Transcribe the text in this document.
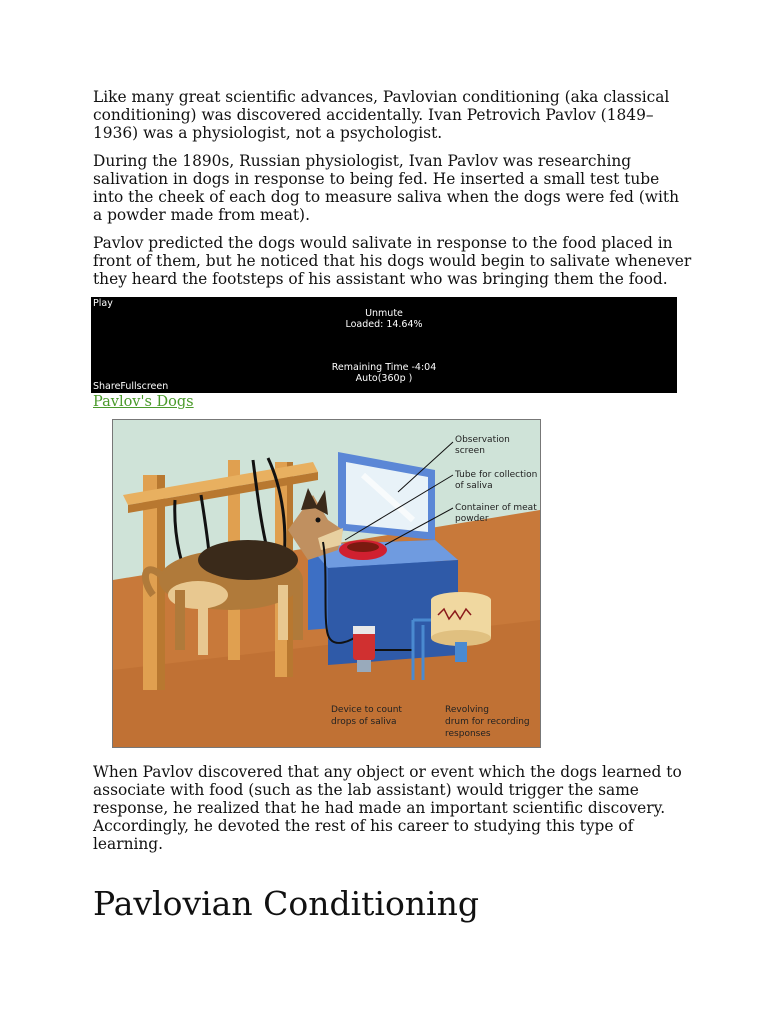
Like many great scientific advances, Pavlovian conditioning (aka classical conditioning) was discovered accidentally. Ivan Petrovich Pavlov (1849–1936) was a physiologist, not a psychologist.

During the 1890s, Russian physiologist, Ivan Pavlov was researching salivation in dogs in response to being fed. He inserted a small test tube into the cheek of each dog to measure saliva when the dogs were fed (with a powder made from meat).

Pavlov predicted the dogs would salivate in response to the food placed in front of them, but he noticed that his dogs would begin to salivate whenever they heard the footsteps of his assistant who was bringing them the food.

Play
Unmute
Loaded: 14.64%
Remaining Time -4:04
Auto(360p )
ShareFullscreen
Pavlov's Dogs
Observation
screen
Tube for collection
of saliva
Container of meat
powder
Device to count
drops of saliva
Revolving
drum for recording
responses

When Pavlov discovered that any object or event which the dogs learned to associate with food (such as the lab assistant) would trigger the same response, he realized that he had made an important scientific discovery. Accordingly, he devoted the rest of his career to studying this type of learning.

Pavlovian Conditioning
